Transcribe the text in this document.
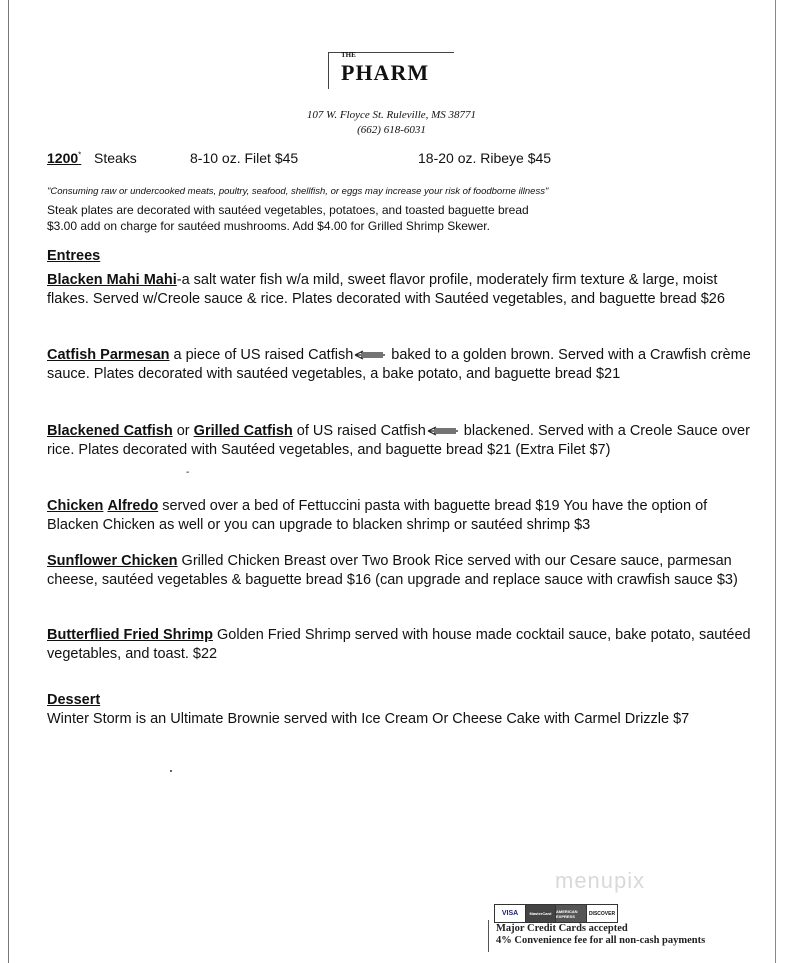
THE
PHARM
107 W. Floyce St. Ruleville, MS 38771
(662) 618-6031
1200* Steaks	8-10 oz. Filet $45	18-20 oz. Ribeye $45
"Consuming raw or undercooked meats, poultry, seafood, shellfish, or eggs may increase your risk of foodborne illness"
Steak plates are decorated with sautéed vegetables, potatoes, and toasted baguette bread
$3.00 add on charge for sautéed mushrooms. Add $4.00 for Grilled Shrimp Skewer.
Entrees
Blacken Mahi Mahi-a salt water fish w/a mild, sweet flavor profile, moderately firm texture & large, moist flakes. Served w/Creole sauce & rice. Plates decorated with Sautéed vegetables, and baguette bread $26
Catfish Parmesan a piece of US raised Catfish baked to a golden brown. Served with a Crawfish crème sauce. Plates decorated with sautéed vegetables, a bake potato, and baguette bread $21
Blackened Catfish or Grilled Catfish of US raised Catfish blackened. Served with a Creole Sauce over rice. Plates decorated with Sautéed vegetables, and baguette bread $21 (Extra Filet $7)
-
Chicken Alfredo served over a bed of Fettuccini pasta with baguette bread $19 You have the option of Blacken Chicken as well or you can upgrade to blacken shrimp or sautéed shrimp $3
Sunflower Chicken Grilled Chicken Breast over Two Brook Rice served with our Cesare sauce, parmesan cheese, sautéed vegetables & baguette bread $16 (can upgrade and replace sauce with crawfish sauce $3)
Butterflied Fried Shrimp Golden Fried Shrimp served with house made cocktail sauce, bake potato, sautéed vegetables, and toast. $22
Dessert
Winter Storm is an Ultimate Brownie served with Ice Cream Or Cheese Cake with Carmel Drizzle $7
menupix
VISA	MasterCard	AMERICAN EXPRESS	DISCOVER
Major Credit Cards accepted
4% Convenience fee for all non-cash payments
